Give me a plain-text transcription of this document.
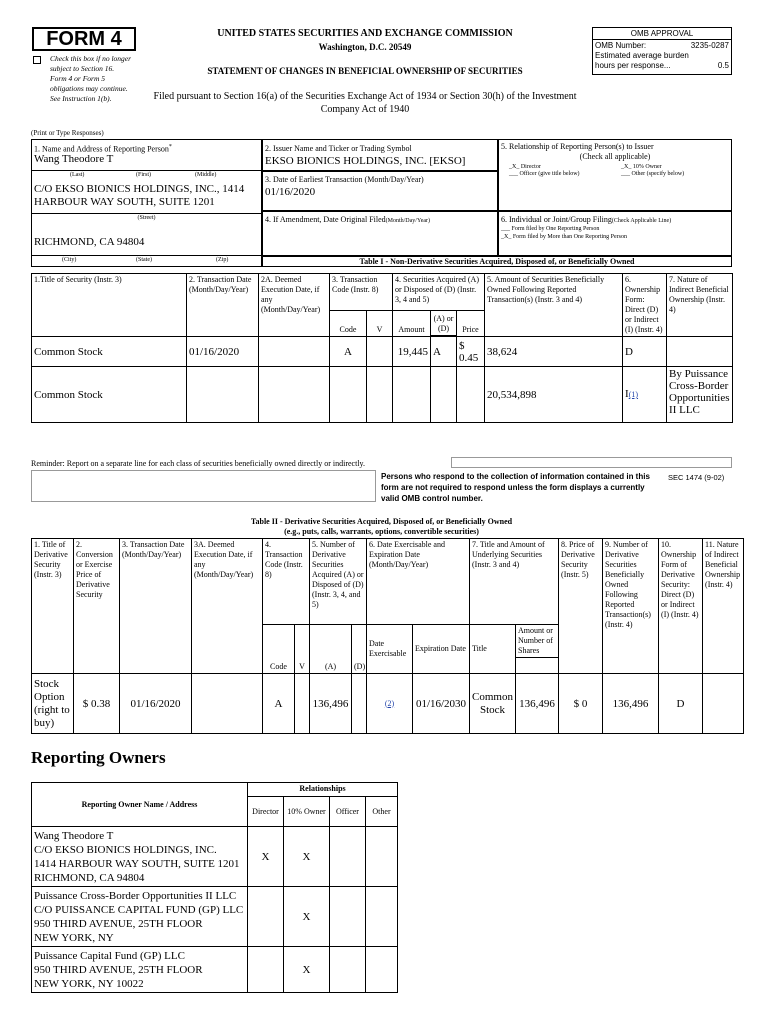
FORM 4
Check this box if no longer subject to Section 16. Form 4 or Form 5 obligations may continue. See Instruction 1(b).
UNITED STATES SECURITIES AND EXCHANGE COMMISSION
Washington, D.C. 20549
STATEMENT OF CHANGES IN BENEFICIAL OWNERSHIP OF SECURITIES
Filed pursuant to Section 16(a) of the Securities Exchange Act of 1934 or Section 30(h) of the Investment Company Act of 1940
OMB APPROVAL
OMB Number:	3235-0287
Estimated average burden
hours per response...	0.5
(Print or Type Responses)
1. Name and Address of Reporting Person*
Wang Theodore T
(Last)	(First)	(Middle)
C/O EKSO BIONICS HOLDINGS, INC., 1414 HARBOUR WAY SOUTH, SUITE 1201
(Street)
RICHMOND, CA 94804
(City)	(State)	(Zip)
2. Issuer Name and Ticker or Trading Symbol
EKSO BIONICS HOLDINGS, INC. [EKSO]
3. Date of Earliest Transaction (Month/Day/Year)
01/16/2020
4. If Amendment, Date Original Filed(Month/Day/Year)
5. Relationship of Reporting Person(s) to Issuer
(Check all applicable)
_X_ Director	_X_ 10% Owner
___ Officer (give title below)	___ Other (specify below)
6. Individual or Joint/Group Filing(Check Applicable Line)
___ Form filed by One Reporting Person
_X_ Form filed by More than One Reporting Person
Table I - Non-Derivative Securities Acquired, Disposed of, or Beneficially Owned
1.Title of Security (Instr. 3)	2. Transaction Date (Month/Day/Year)	2A. Deemed Execution Date, if any (Month/Day/Year)	3. Transaction Code (Instr. 8)		4. Securities Acquired (A) or Disposed of (D) (Instr. 3, 4 and 5)			5. Amount of Securities Beneficially Owned Following Reported Transaction(s) (Instr. 3 and 4)	6. Ownership Form: Direct (D) or Indirect (I) (Instr. 4)	7. Nature of Indirect Beneficial Ownership (Instr. 4)
			Code	V	Amount	(A) or (D)	Price			

Common Stock	01/16/2020		A		19,445	A	$ 0.45	38,624	D	
Common Stock								20,534,898	I(1)	By Puissance Cross-Border Opportunities II LLC
Reminder: Report on a separate line for each class of securities beneficially owned directly or indirectly.
Persons who respond to the collection of information contained in this form are not required to respond unless the form displays a currently valid OMB control number.
SEC 1474 (9-02)
Table II - Derivative Securities Acquired, Disposed of, or Beneficially Owned
(e.g., puts, calls, warrants, options, convertible securities)
1. Title of Derivative Security (Instr. 3)	2. Conversion or Exercise Price of Derivative Security	3. Transaction Date (Month/Day/Year)	3A. Deemed Execution Date, if any (Month/Day/Year)	4. Transaction Code (Instr. 8)		5. Number of Derivative Securities Acquired (A) or Disposed of (D) (Instr. 3, 4, and 5)		6. Date Exercisable and Expiration Date (Month/Day/Year)		7. Title and Amount of Underlying Securities (Instr. 3 and 4)		8. Price of Derivative Security (Instr. 5)	9. Number of Derivative Securities Beneficially Owned Following Reported Transaction(s) (Instr. 4)	10. Ownership Form of Derivative Security: Direct (D) or Indirect (I) (Instr. 4)	11. Nature of Indirect Beneficial Ownership (Instr. 4)
				Code	V	(A)	(D)	Date Exercisable	Expiration Date	Title	Amount or Number of Shares				

Stock Option (right to buy)	$ 0.38	01/16/2020		A		136,496		(2)	01/16/2030	Common Stock	136,496	$ 0	136,496	D	
Reporting Owners
Reporting Owner Name / Address	Relationships			
	Director	10% Owner	Officer	Other
Wang Theodore T
C/O EKSO BIONICS HOLDINGS, INC.
1414 HARBOUR WAY SOUTH, SUITE 1201
RICHMOND, CA 94804	X	X		
Puissance Cross-Border Opportunities II LLC
C/O PUISSANCE CAPITAL FUND (GP) LLC
950 THIRD AVENUE, 25TH FLOOR
NEW YORK, NY		X		
Puissance Capital Fund (GP) LLC
950 THIRD AVENUE, 25TH FLOOR
NEW YORK, NY 10022		X		
